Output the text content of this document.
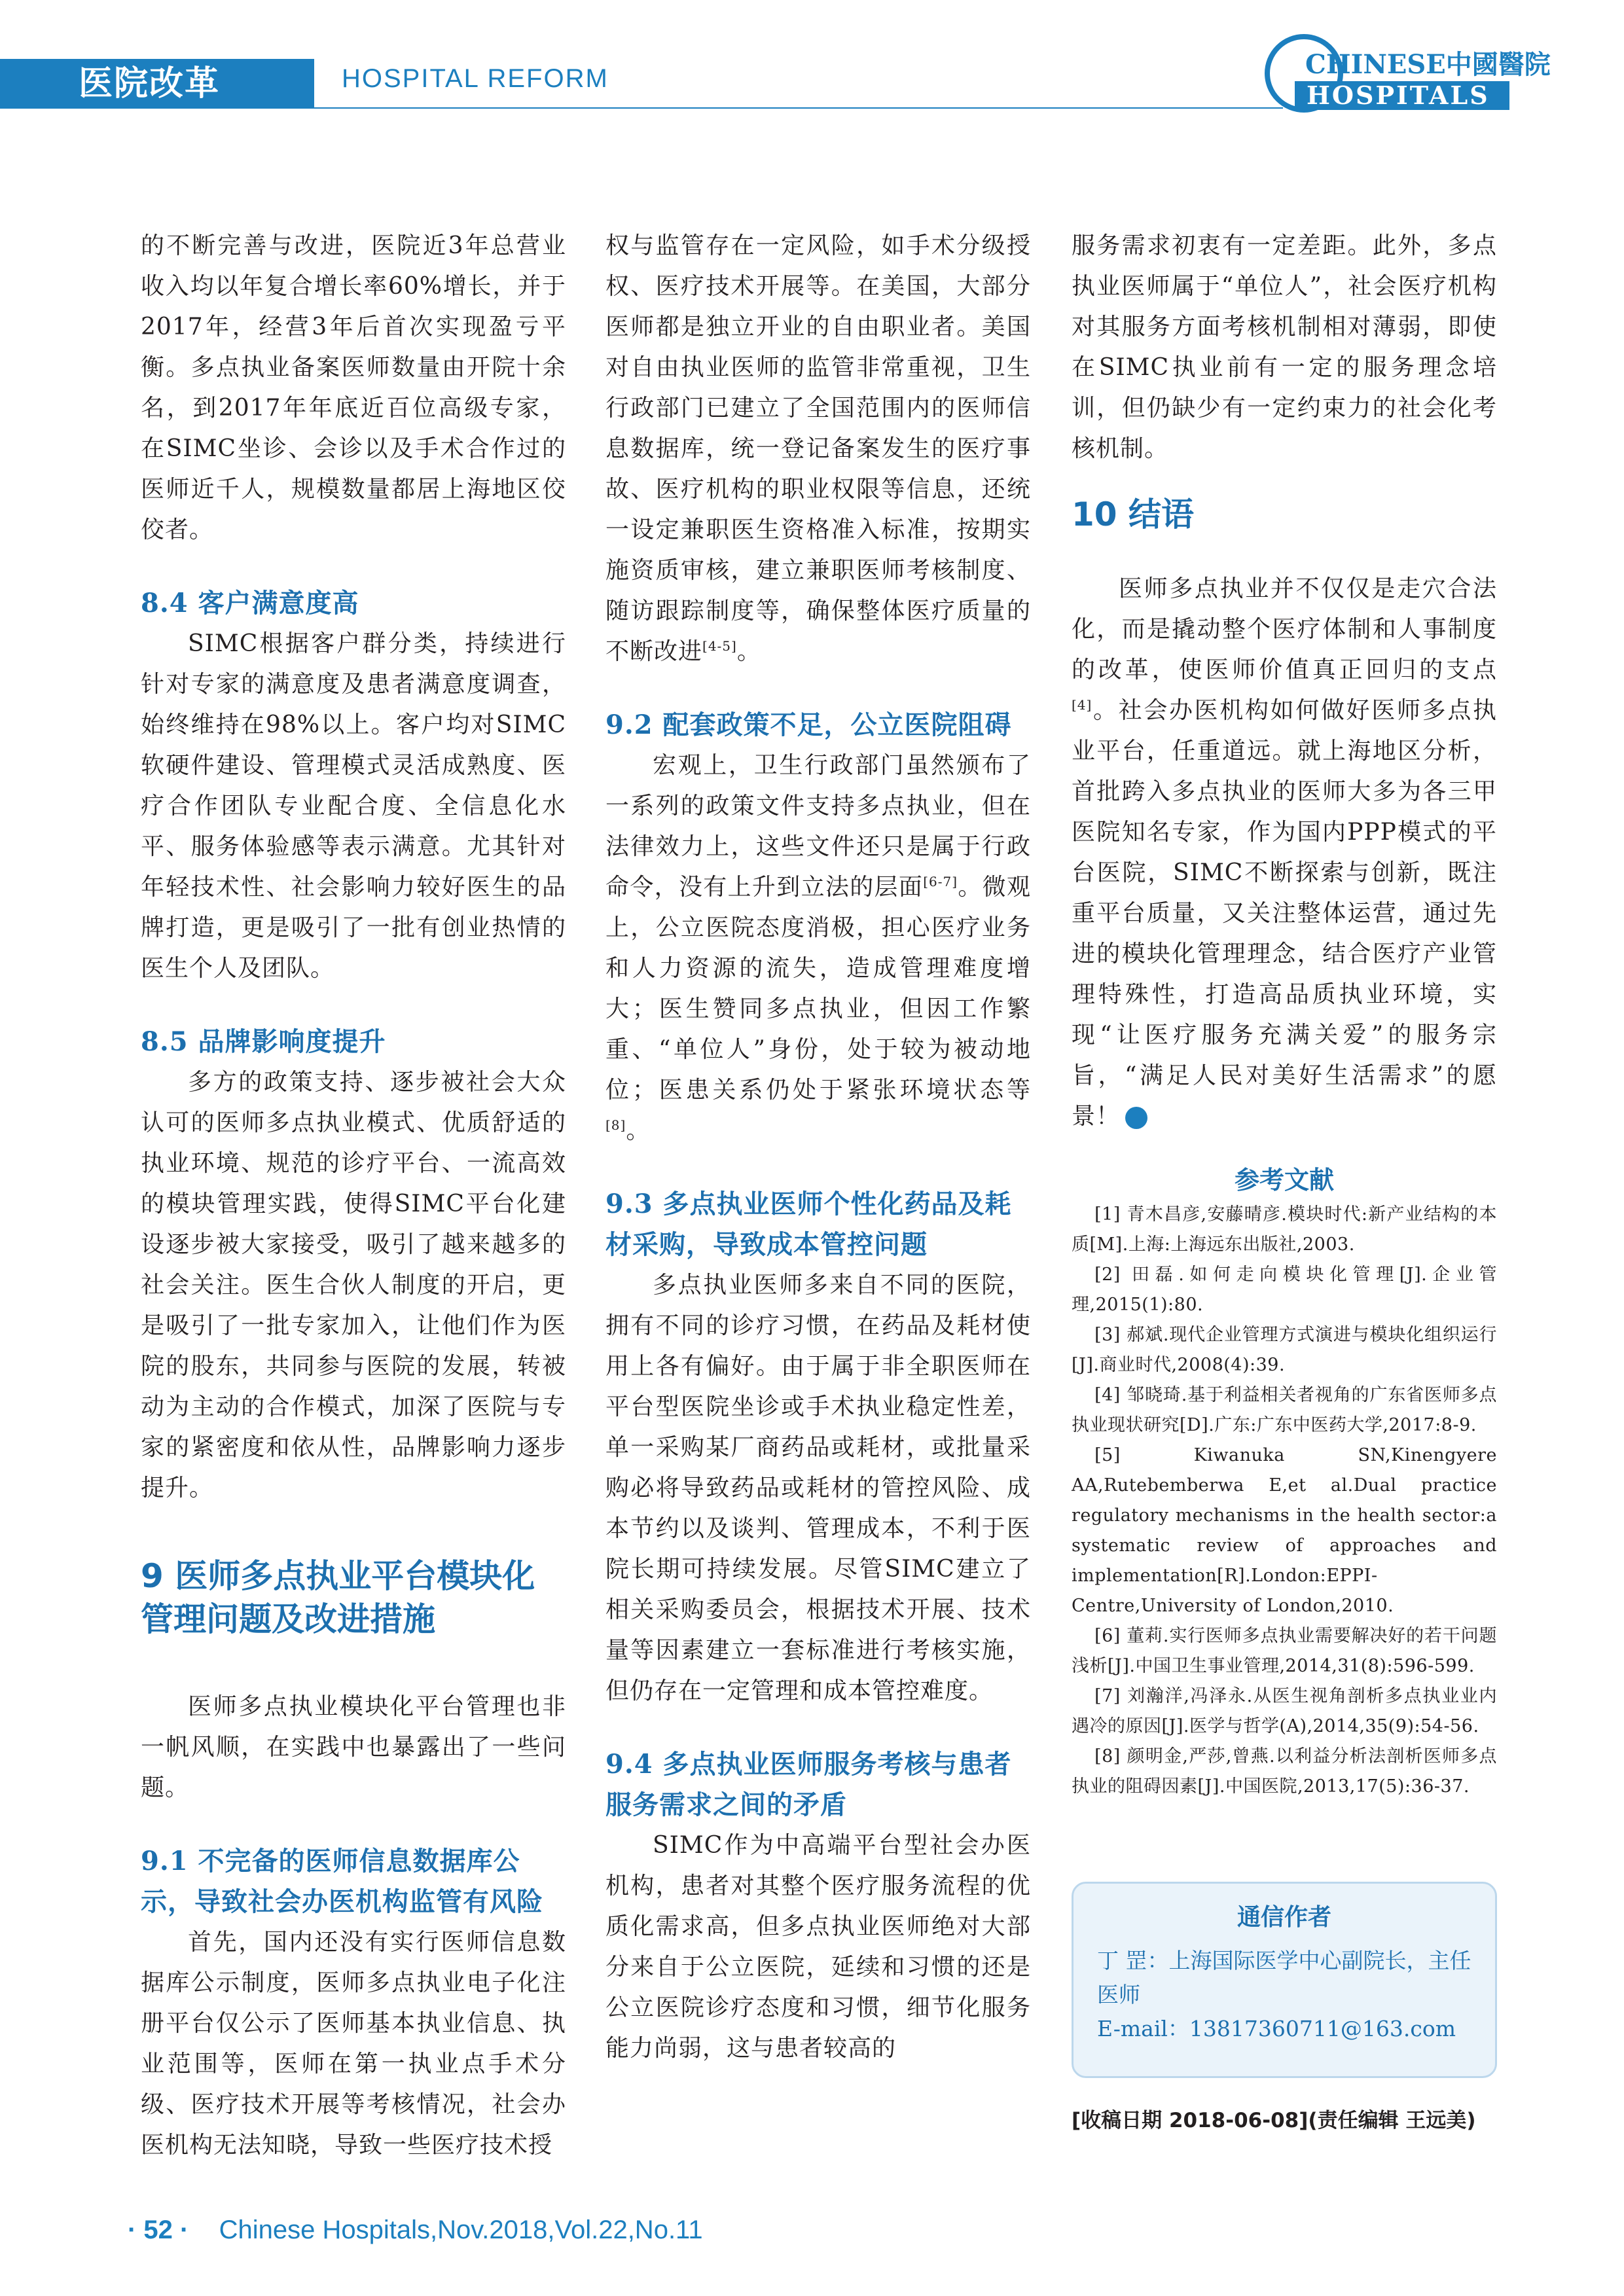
医院改革	HOSPITAL REFORM	CHINESE中國醫院
HOSPITALS

的不断完善与改进，医院近3年总营业收入均以年复合增长率60%增长，并于2017年，经营3年后首次实现盈亏平衡。多点执业备案医师数量由开院十余名，到2017年年底近百位高级专家，在SIMC坐诊、会诊以及手术合作过的医师近千人，规模数量都居上海地区佼佼者。

8.4 客户满意度高

SIMC根据客户群分类，持续进行针对专家的满意度及患者满意度调查，始终维持在98%以上。客户均对SIMC软硬件建设、管理模式灵活成熟度、医疗合作团队专业配合度、全信息化水平、服务体验感等表示满意。尤其针对年轻技术性、社会影响力较好医生的品牌打造，更是吸引了一批有创业热情的医生个人及团队。

8.5 品牌影响度提升

多方的政策支持、逐步被社会大众认可的医师多点执业模式、优质舒适的执业环境、规范的诊疗平台、一流高效的模块管理实践，使得SIMC平台化建设逐步被大家接受，吸引了越来越多的社会关注。医生合伙人制度的开启，更是吸引了一批专家加入，让他们作为医院的股东，共同参与医院的发展，转被动为主动的合作模式，加深了医院与专家的紧密度和依从性，品牌影响力逐步提升。

9 医师多点执业平台模块化管理问题及改进措施

医师多点执业模块化平台管理也非一帆风顺，在实践中也暴露出了一些问题。

9.1 不完备的医师信息数据库公示，导致社会办医机构监管有风险

首先，国内还没有实行医师信息数据库公示制度，医师多点执业电子化注册平台仅公示了医师基本执业信息、执业范围等，医师在第一执业点手术分级、医疗技术开展等考核情况，社会办医机构无法知晓，导致一些医疗技术授

权与监管存在一定风险，如手术分级授权、医疗技术开展等。在美国，大部分医师都是独立开业的自由职业者。美国对自由执业医师的监管非常重视，卫生行政部门已建立了全国范围内的医师信息数据库，统一登记备案发生的医疗事故、医疗机构的职业权限等信息，还统一设定兼职医生资格准入标准，按期实施资质审核，建立兼职医师考核制度、随访跟踪制度等，确保整体医疗质量的不断改进[4-5]。

9.2 配套政策不足，公立医院阻碍

宏观上，卫生行政部门虽然颁布了一系列的政策文件支持多点执业，但在法律效力上，这些文件还只是属于行政命令，没有上升到立法的层面[6-7]。微观上，公立医院态度消极，担心医疗业务和人力资源的流失，造成管理难度增大；医生赞同多点执业，但因工作繁重、“单位人”身份，处于较为被动地位；医患关系仍处于紧张环境状态等[8]。

9.3 多点执业医师个性化药品及耗材采购，导致成本管控问题

多点执业医师多来自不同的医院，拥有不同的诊疗习惯，在药品及耗材使用上各有偏好。由于属于非全职医师在平台型医院坐诊或手术执业稳定性差，单一采购某厂商药品或耗材，或批量采购必将导致药品或耗材的管控风险、成本节约以及谈判、管理成本，不利于医院长期可持续发展。尽管SIMC建立了相关采购委员会，根据技术开展、技术量等因素建立一套标准进行考核实施，但仍存在一定管理和成本管控难度。

9.4 多点执业医师服务考核与患者服务需求之间的矛盾

SIMC作为中高端平台型社会办医机构，患者对其整个医疗服务流程的优质化需求高，但多点执业医师绝对大部分来自于公立医院，延续和习惯的还是公立医院诊疗态度和习惯，细节化服务能力尚弱，这与患者较高的

服务需求初衷有一定差距。此外，多点执业医师属于“单位人”，社会医疗机构对其服务方面考核机制相对薄弱，即使在SIMC执业前有一定的服务理念培训，但仍缺少有一定约束力的社会化考核机制。

10 结语

医师多点执业并不仅仅是走穴合法化，而是撬动整个医疗体制和人事制度的改革，使医师价值真正回归的支点[4]。社会办医机构如何做好医师多点执业平台，任重道远。就上海地区分析，首批跨入多点执业的医师大多为各三甲医院知名专家，作为国内PPP模式的平台医院，SIMC不断探索与创新，既注重平台质量，又关注整体运营，通过先进的模块化管理理念，结合医疗产业管理特殊性，打造高品质执业环境，实现“让医疗服务充满关爱”的服务宗旨，“满足人民对美好生活需求”的愿景！

参考文献

[1] 青木昌彦,安藤晴彦.模块时代:新产业结构的本质[M].上海:上海远东出版社,2003.

[2] 田磊.如何走向模块化管理[J].企业管理,2015(1):80.

[3] 郝斌.现代企业管理方式演进与模块化组织运行[J].商业时代,2008(4):39.

[4] 邹晓琦.基于利益相关者视角的广东省医师多点执业现状研究[D].广东:广东中医药大学,2017:8-9.

[5] Kiwanuka SN,Kinengyere AA,Rutebemberwa E,et al.Dual practice regulatory mechanisms in the health sector:a systematic review of approaches and implementation[R].London:EPPI-Centre,University of London,2010.

[6] 董莉.实行医师多点执业需要解决好的若干问题浅析[J].中国卫生事业管理,2014,31(8):596-599.

[7] 刘瀚洋,冯泽永.从医生视角剖析多点执业业内遇冷的原因[J].医学与哲学(A),2014,35(9):54-56.

[8] 颜明金,严莎,曾燕.以利益分析法剖析医师多点执业的阻碍因素[J].中国医院,2013,17(5):36-37.

通信作者

丁 罡：上海国际医学中心副院长，主任医师

E-mail：13817360711@163.com

[收稿日期 2018-06-08](责任编辑 王远美)
· 52 · Chinese Hospitals,Nov.2018,Vol.22,No.11
